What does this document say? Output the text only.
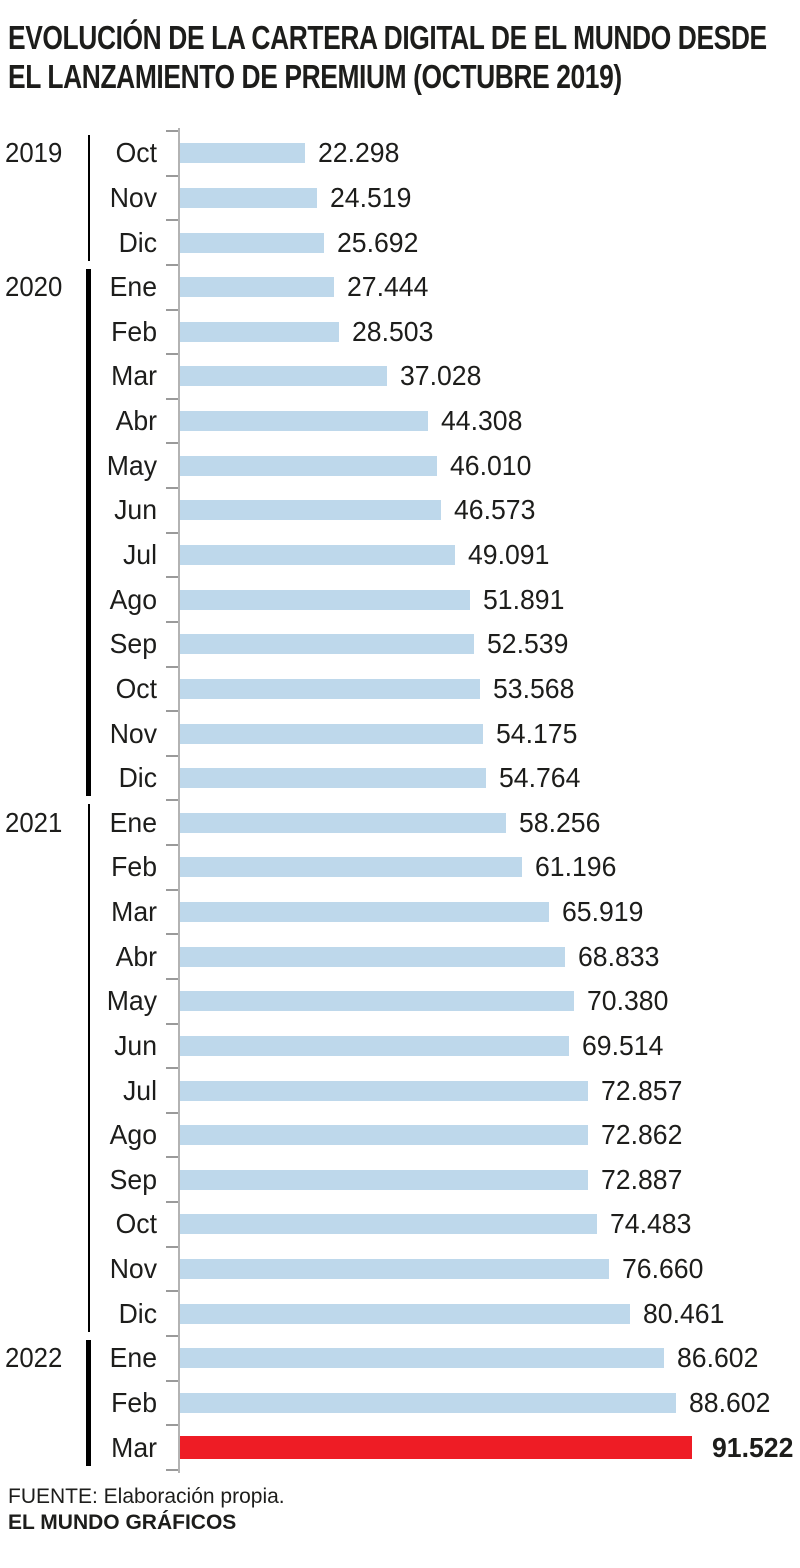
EVOLUCIÓN DE LA CARTERA DIGITAL DE EL MUNDO DESDE
EL LANZAMIENTO DE PREMIUM (OCTUBRE 2019)
2019
2020
2021
2022
Oct	22.298
Nov	24.519
Dic	25.692
Ene	27.444
Feb	28.503
Mar	37.028
Abr	44.308
May	46.010
Jun	46.573
Jul	49.091
Ago	51.891
Sep	52.539
Oct	53.568
Nov	54.175
Dic	54.764
Ene	58.256
Feb	61.196
Mar	65.919
Abr	68.833
May	70.380
Jun	69.514
Jul	72.857
Ago	72.862
Sep	72.887
Oct	74.483
Nov	76.660
Dic	80.461
Ene	86.602
Feb	88.602
Mar	91.522
FUENTE: Elaboración propia.
EL MUNDO GRÁFICOS
